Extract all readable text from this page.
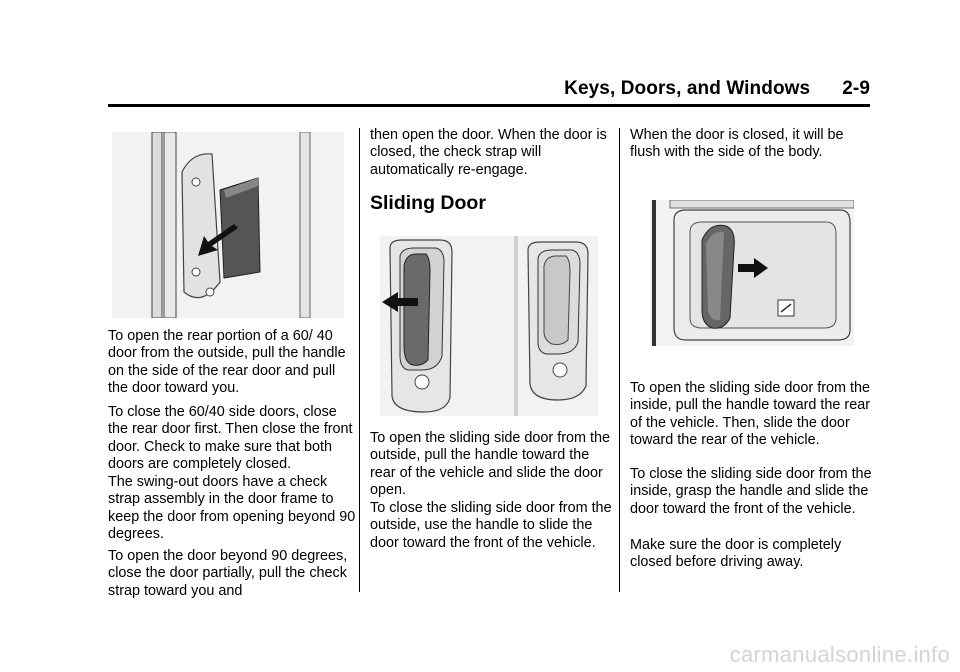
Keys, Doors, and Windows 2-9

To open the rear portion of a 60/ 40 door from the outside, pull the handle on the side of the rear door and pull the door toward you.

To close the 60/40 side doors, close the rear door first. Then close the front door. Check to make sure that both doors are completely closed.

The swing-out doors have a check strap assembly in the door frame to keep the door from opening beyond 90 degrees.

To open the door beyond 90 degrees, close the door partially, pull the check strap toward you and

then open the door. When the door is closed, the check strap will automatically re-engage.

Sliding Door

To open the sliding side door from the outside, pull the handle toward the rear of the vehicle and slide the door open.

To close the sliding side door from the outside, use the handle to slide the door toward the front of the vehicle.

When the door is closed, it will be flush with the side of the body.

To open the sliding side door from the inside, pull the handle toward the rear of the vehicle. Then, slide the door toward the rear of the vehicle.

To close the sliding side door from the inside, grasp the handle and slide the door toward the front of the vehicle.

Make sure the door is completely closed before driving away.

carmanualsonline.info
